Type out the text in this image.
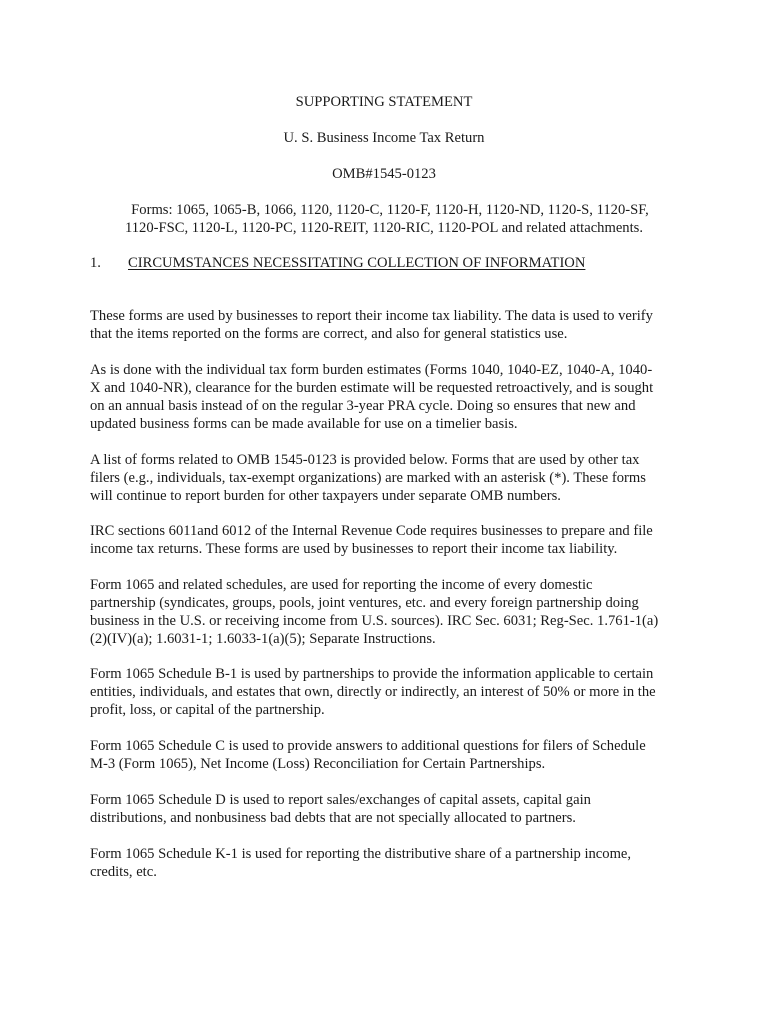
SUPPORTING STATEMENT
U. S. Business Income Tax Return
OMB#1545-0123
Forms: 1065, 1065-B, 1066, 1120, 1120-C, 1120-F, 1120-H, 1120-ND, 1120-S, 1120-SF,
1120-FSC, 1120-L, 1120-PC, 1120-REIT, 1120-RIC, 1120-POL and related attachments.
1. CIRCUMSTANCES NECESSITATING COLLECTION OF INFORMATION
These forms are used by businesses to report their income tax liability. The data is used to verify
that the items reported on the forms are correct, and also for general statistics use.
As is done with the individual tax form burden estimates (Forms 1040, 1040-EZ, 1040-A, 1040-
X and 1040-NR), clearance for the burden estimate will be requested retroactively, and is sought
on an annual basis instead of on the regular 3-year PRA cycle. Doing so ensures that new and
updated business forms can be made available for use on a timelier basis.
A list of forms related to OMB 1545-0123 is provided below. Forms that are used by other tax
filers (e.g., individuals, tax-exempt organizations) are marked with an asterisk (*). These forms
will continue to report burden for other taxpayers under separate OMB numbers.
IRC sections 6011and 6012 of the Internal Revenue Code requires businesses to prepare and file
income tax returns. These forms are used by businesses to report their income tax liability.
Form 1065 and related schedules, are used for reporting the income of every domestic
partnership (syndicates, groups, pools, joint ventures, etc. and every foreign partnership doing
business in the U.S. or receiving income from U.S. sources). IRC Sec. 6031; Reg-Sec. 1.761-1(a)
(2)(IV)(a); 1.6031-1; 1.6033-1(a)(5); Separate Instructions.
Form 1065 Schedule B-1 is used by partnerships to provide the information applicable to certain
entities, individuals, and estates that own, directly or indirectly, an interest of 50% or more in the
profit, loss, or capital of the partnership.
Form 1065 Schedule C is used to provide answers to additional questions for filers of Schedule
M-3 (Form 1065), Net Income (Loss) Reconciliation for Certain Partnerships.
Form 1065 Schedule D is used to report sales/exchanges of capital assets, capital gain
distributions, and nonbusiness bad debts that are not specially allocated to partners.
Form 1065 Schedule K-1 is used for reporting the distributive share of a partnership income,
credits, etc.
